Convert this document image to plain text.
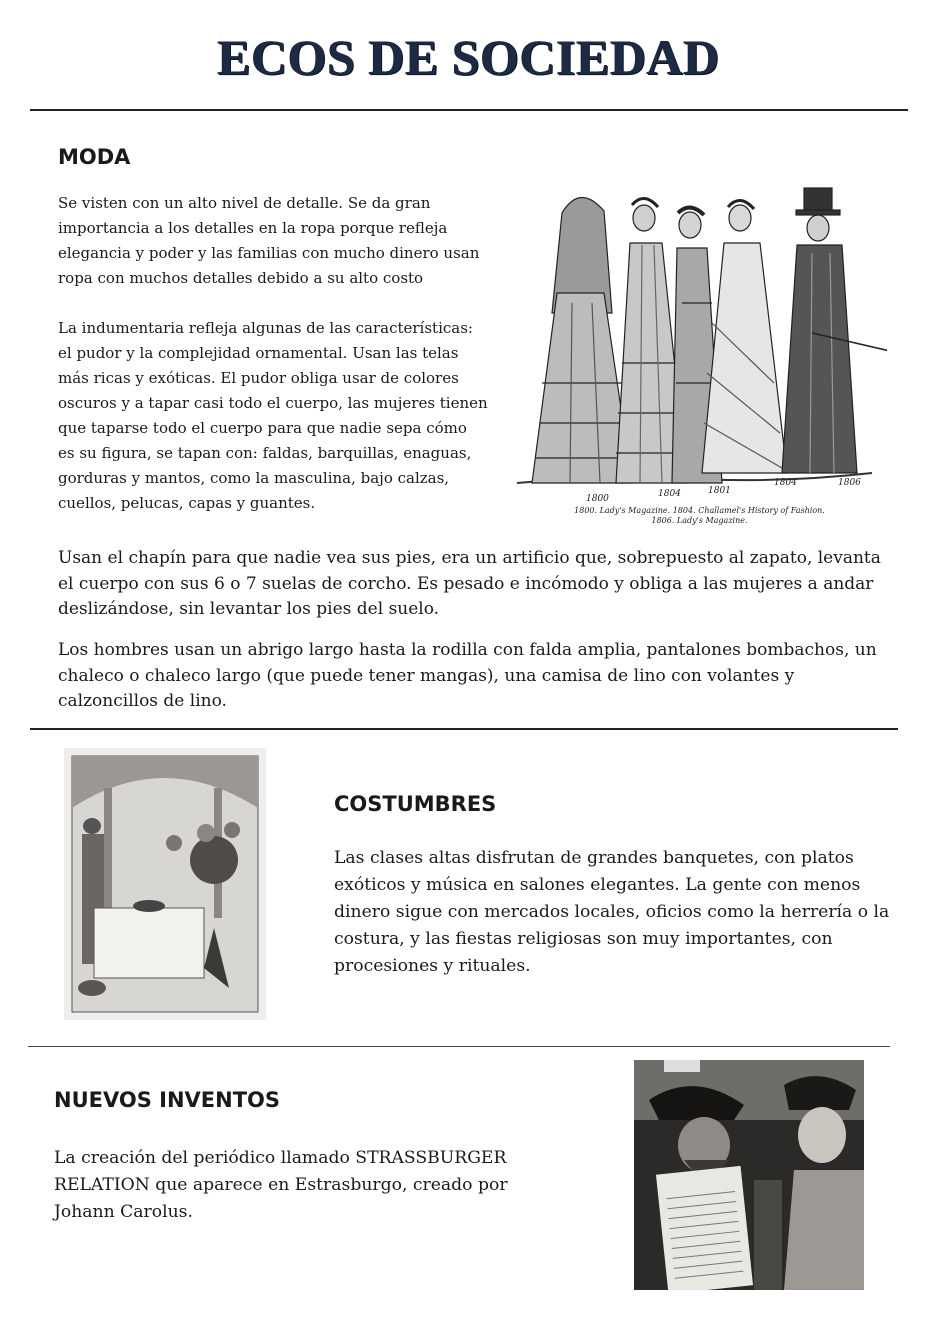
ECOS DE SOCIEDAD
MODA

Se visten con un alto nivel de detalle. Se da gran importancia a los detalles en la ropa porque refleja elegancia y poder y las familias con mucho dinero usan ropa con muchos detalles debido a su alto costo

La indumentaria refleja algunas de las características: el pudor y la complejidad ornamental. Usan las telas más ricas y exóticas. El pudor obliga usar de colores oscuros y a tapar casi todo el cuerpo, las mujeres tienen que taparse todo el cuerpo para que nadie sepa cómo es su figura, se tapan con: faldas, barquillas, enaguas, gorduras y mantos, como la masculina, bajo calzas, cuellos, pelucas, capas y guantes.	1800	1804	1801
1804	1806
1800. Lady's Magazine. 1804. Challamel's History of Fashion.
1806. Lady's Magazine.

Usan el chapín para que nadie vea sus pies, era un artificio que, sobrepuesto al zapato, levanta el cuerpo con sus 6 o 7 suelas de corcho. Es pesado e incómodo y obliga a las mujeres a andar deslizándose, sin levantar los pies del suelo.

Los hombres usan un abrigo largo hasta la rodilla con falda amplia, pantalones bombachos, un chaleco o chaleco largo (que puede tener mangas), una camisa de lino con volantes y calzoncillos de lino.

COSTUMBRES

Las clases altas disfrutan de grandes banquetes, con platos exóticos y música en salones elegantes. La gente con menos dinero sigue con mercados locales, oficios como la herrería o la costura, y las fiestas religiosas son muy importantes, con procesiones y rituales.

NUEVOS INVENTOS

La creación del periódico llamado STRASSBURGER RELATION que aparece en Estrasburgo, creado por Johann Carolus.
